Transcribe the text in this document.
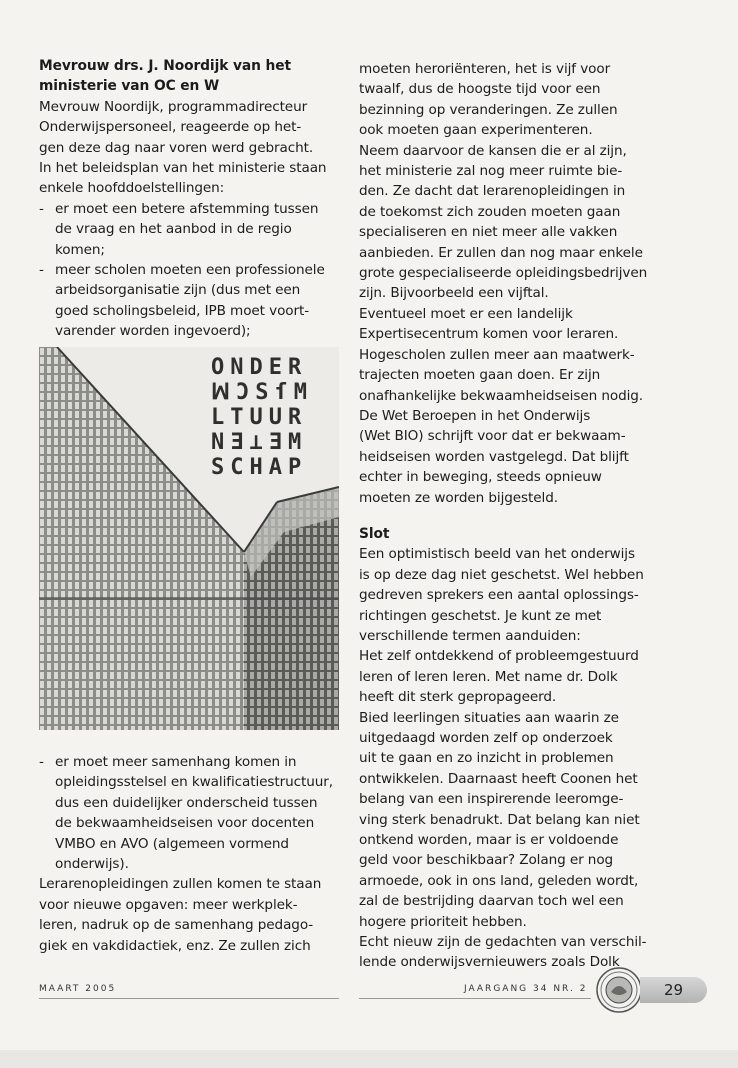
Mevrouw drs. J. Noordijk van het
ministerie van OC en W
Mevrouw Noordijk, programmadirecteur
Onderwijspersoneel, reageerde op het-
gen deze dag naar voren werd gebracht.
In het beleidsplan van het ministerie staan
enkele hoofddoelstellingen:
- er moet een betere afstemming tussen
de vraag en het aanbod in de regio
komen;
- meer scholen moeten een professionele
arbeidsorganisatie zijn (dus met een
goed scholingsbeleid, IPB moet voort-
varender worden ingevoerd);
ONDER
ꟽƆSſM
LTUUR
NƎ⊥ƎM
SCHAP
- er moet meer samenhang komen in
opleidingsstelsel en kwalificatiestructuur,
dus een duidelijker onderscheid tussen
de bekwaamheidseisen voor docenten
VMBO en AVO (algemeen vormend
onderwijs).
Lerarenopleidingen zullen komen te staan
voor nieuwe opgaven: meer werkplek-
leren, nadruk op de samenhang pedago-
giek en vakdidactiek, enz. Ze zullen zich
moeten heroriënteren, het is vijf voor
twaalf, dus de hoogste tijd voor een
bezinning op veranderingen. Ze zullen
ook moeten gaan experimenteren.
Neem daarvoor de kansen die er al zijn,
het ministerie zal nog meer ruimte bie-
den. Ze dacht dat lerarenopleidingen in
de toekomst zich zouden moeten gaan
specialiseren en niet meer alle vakken
aanbieden. Er zullen dan nog maar enkele
grote gespecialiseerde opleidingsbedrijven
zijn. Bijvoorbeeld een vijftal.
Eventueel moet er een landelijk
Expertisecentrum komen voor leraren.
Hogescholen zullen meer aan maatwerk-
trajecten moeten gaan doen. Er zijn
onafhankelijke bekwaamheidseisen nodig.
De Wet Beroepen in het Onderwijs
(Wet BIO) schrijft voor dat er bekwaam-
heidseisen worden vastgelegd. Dat blijft
echter in beweging, steeds opnieuw
moeten ze worden bijgesteld.
Slot
Een optimistisch beeld van het onderwijs
is op deze dag niet geschetst. Wel hebben
gedreven sprekers een aantal oplossings-
richtingen geschetst. Je kunt ze met
verschillende termen aanduiden:
Het zelf ontdekkend of probleemgestuurd
leren of leren leren. Met name dr. Dolk
heeft dit sterk gepropageerd.
Bied leerlingen situaties aan waarin ze
uitgedaagd worden zelf op onderzoek
uit te gaan en zo inzicht in problemen
ontwikkelen. Daarnaast heeft Coonen het
belang van een inspirerende leeromge-
ving sterk benadrukt. Dat belang kan niet
ontkend worden, maar is er voldoende
geld voor beschikbaar? Zolang er nog
armoede, ook in ons land, geleden wordt,
zal de bestrijding daarvan toch wel een
hogere prioriteit hebben.
Echt nieuw zijn de gedachten van verschil-
lende onderwijsvernieuwers zoals Dolk
MAART 2005	JAARGANG 34 NR. 2	29
